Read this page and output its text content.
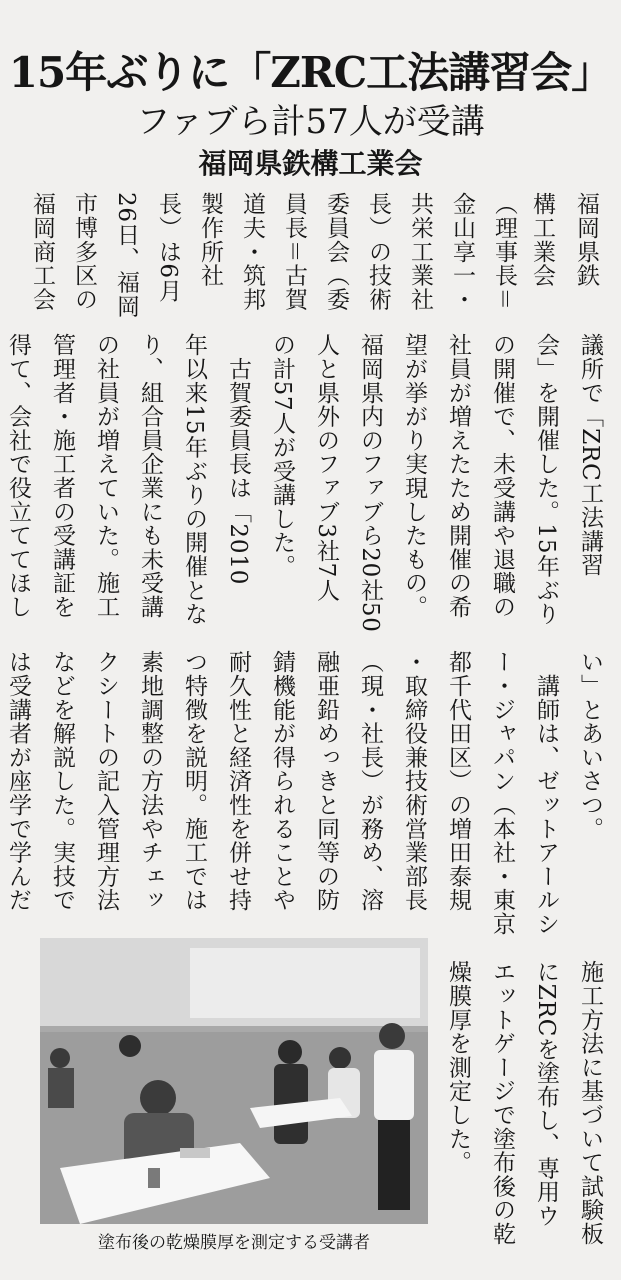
15年ぶりに「ZRC工法講習会」
ファブら計57人が受講
福岡県鉄構工業会
福岡県鉄
構工業会
（理事長＝
金山享一・
共栄工業社
長）の技術
委員会（委
員長＝古賀
道夫・筑邦
製作所社
長）は6月
26日、福岡
市博多区の
福岡商工会
議所で「ZRC工法講習
会」を開催した。15年ぶり
の開催で、未受講や退職の
社員が増えたため開催の希
望が挙がり実現したもの。
福岡県内のファブら20社50
人と県外のファブ3社7人
の計57人が受講した。
　古賀委員長は「2010
年以来15年ぶりの開催とな
り、組合員企業にも未受講
の社員が増えていた。施工
管理者・施工者の受講証を
得て、会社で役立ててほし
い」とあいさつ。
　講師は、ゼットアールシ
ー・ジャパン（本社・東京
都千代田区）の増田泰規
・取締役兼技術営業部長
（現・社長）が務め、溶
融亜鉛めっきと同等の防
錆機能が得られることや
耐久性と経済性を併せ持
つ特徴を説明。施工では
素地調整の方法やチェッ
クシートの記入管理方法
などを解説した。実技で
は受講者が座学で学んだ
施工方法に基づいて試験板
にZRCを塗布し、専用ウ
エットゲージで塗布後の乾
燥膜厚を測定した。
塗布後の乾燥膜厚を測定する受講者
